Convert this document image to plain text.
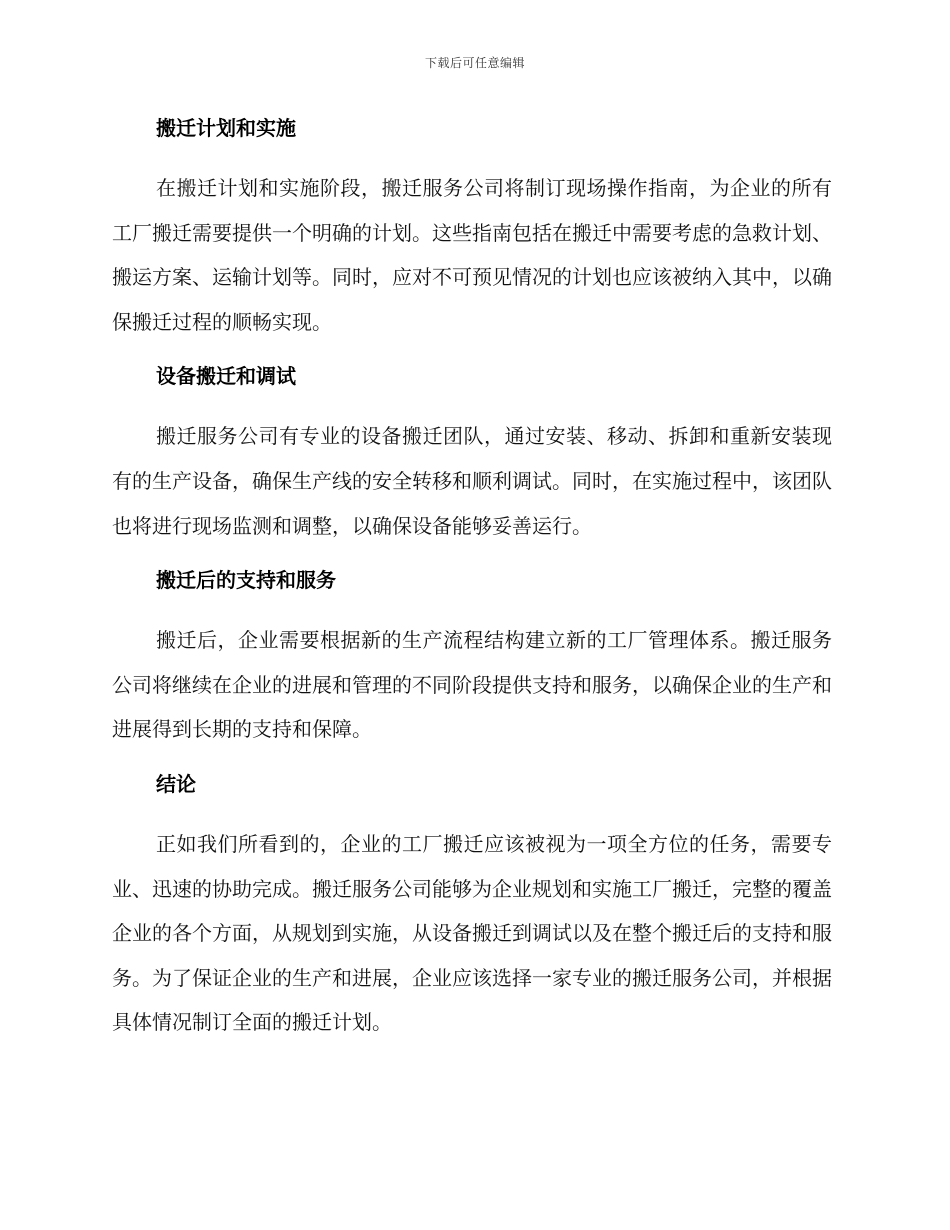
下载后可任意编辑
搬迁计划和实施

在搬迁计划和实施阶段，搬迁服务公司将制订现场操作指南，为企业的所有工厂搬迁需要提供一个明确的计划。这些指南包括在搬迁中需要考虑的急救计划、搬运方案、运输计划等。同时，应对不可预见情况的计划也应该被纳入其中，以确保搬迁过程的顺畅实现。

设备搬迁和调试

搬迁服务公司有专业的设备搬迁团队，通过安装、移动、拆卸和重新安装现有的生产设备，确保生产线的安全转移和顺利调试。同时，在实施过程中，该团队也将进行现场监测和调整，以确保设备能够妥善运行。

搬迁后的支持和服务

搬迁后，企业需要根据新的生产流程结构建立新的工厂管理体系。搬迁服务公司将继续在企业的进展和管理的不同阶段提供支持和服务，以确保企业的生产和进展得到长期的支持和保障。

结论

正如我们所看到的，企业的工厂搬迁应该被视为一项全方位的任务，需要专业、迅速的协助完成。搬迁服务公司能够为企业规划和实施工厂搬迁，完整的覆盖企业的各个方面，从规划到实施，从设备搬迁到调试以及在整个搬迁后的支持和服务。为了保证企业的生产和进展，企业应该选择一家专业的搬迁服务公司，并根据具体情况制订全面的搬迁计划。
